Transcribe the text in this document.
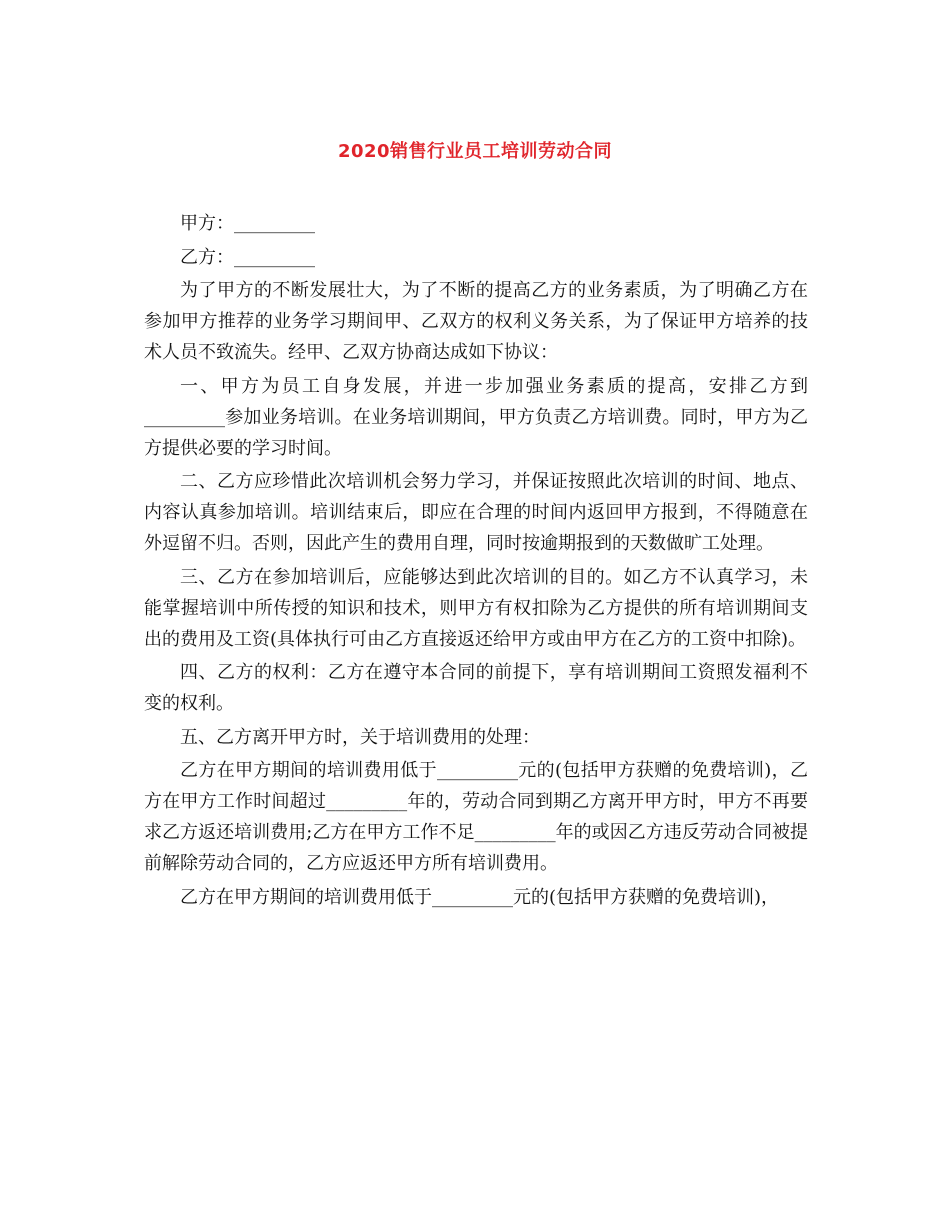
2020销售行业员工培训劳动合同

甲方：_________

乙方：_________

为了甲方的不断发展壮大，为了不断的提高乙方的业务素质，为了明确乙方在参加甲方推荐的业务学习期间甲、乙双方的权利义务关系，为了保证甲方培养的技术人员不致流失。经甲、乙双方协商达成如下协议：

一、甲方为员工自身发展，并进一步加强业务素质的提高，安排乙方到_________参加业务培训。在业务培训期间，甲方负责乙方培训费。同时，甲方为乙方提供必要的学习时间。

二、乙方应珍惜此次培训机会努力学习，并保证按照此次培训的时间、地点、内容认真参加培训。培训结束后，即应在合理的时间内返回甲方报到，不得随意在外逗留不归。否则，因此产生的费用自理，同时按逾期报到的天数做旷工处理。

三、乙方在参加培训后，应能够达到此次培训的目的。如乙方不认真学习，未能掌握培训中所传授的知识和技术，则甲方有权扣除为乙方提供的所有培训期间支出的费用及工资(具体执行可由乙方直接返还给甲方或由甲方在乙方的工资中扣除)。

四、乙方的权利：乙方在遵守本合同的前提下，享有培训期间工资照发福利不变的权利。

五、乙方离开甲方时，关于培训费用的处理：

乙方在甲方期间的培训费用低于_________元的(包括甲方获赠的免费培训)，乙方在甲方工作时间超过_________年的，劳动合同到期乙方离开甲方时，甲方不再要求乙方返还培训费用;乙方在甲方工作不足_________年的或因乙方违反劳动合同被提前解除劳动合同的，乙方应返还甲方所有培训费用。

乙方在甲方期间的培训费用低于_________元的(包括甲方获赠的免费培训)，
